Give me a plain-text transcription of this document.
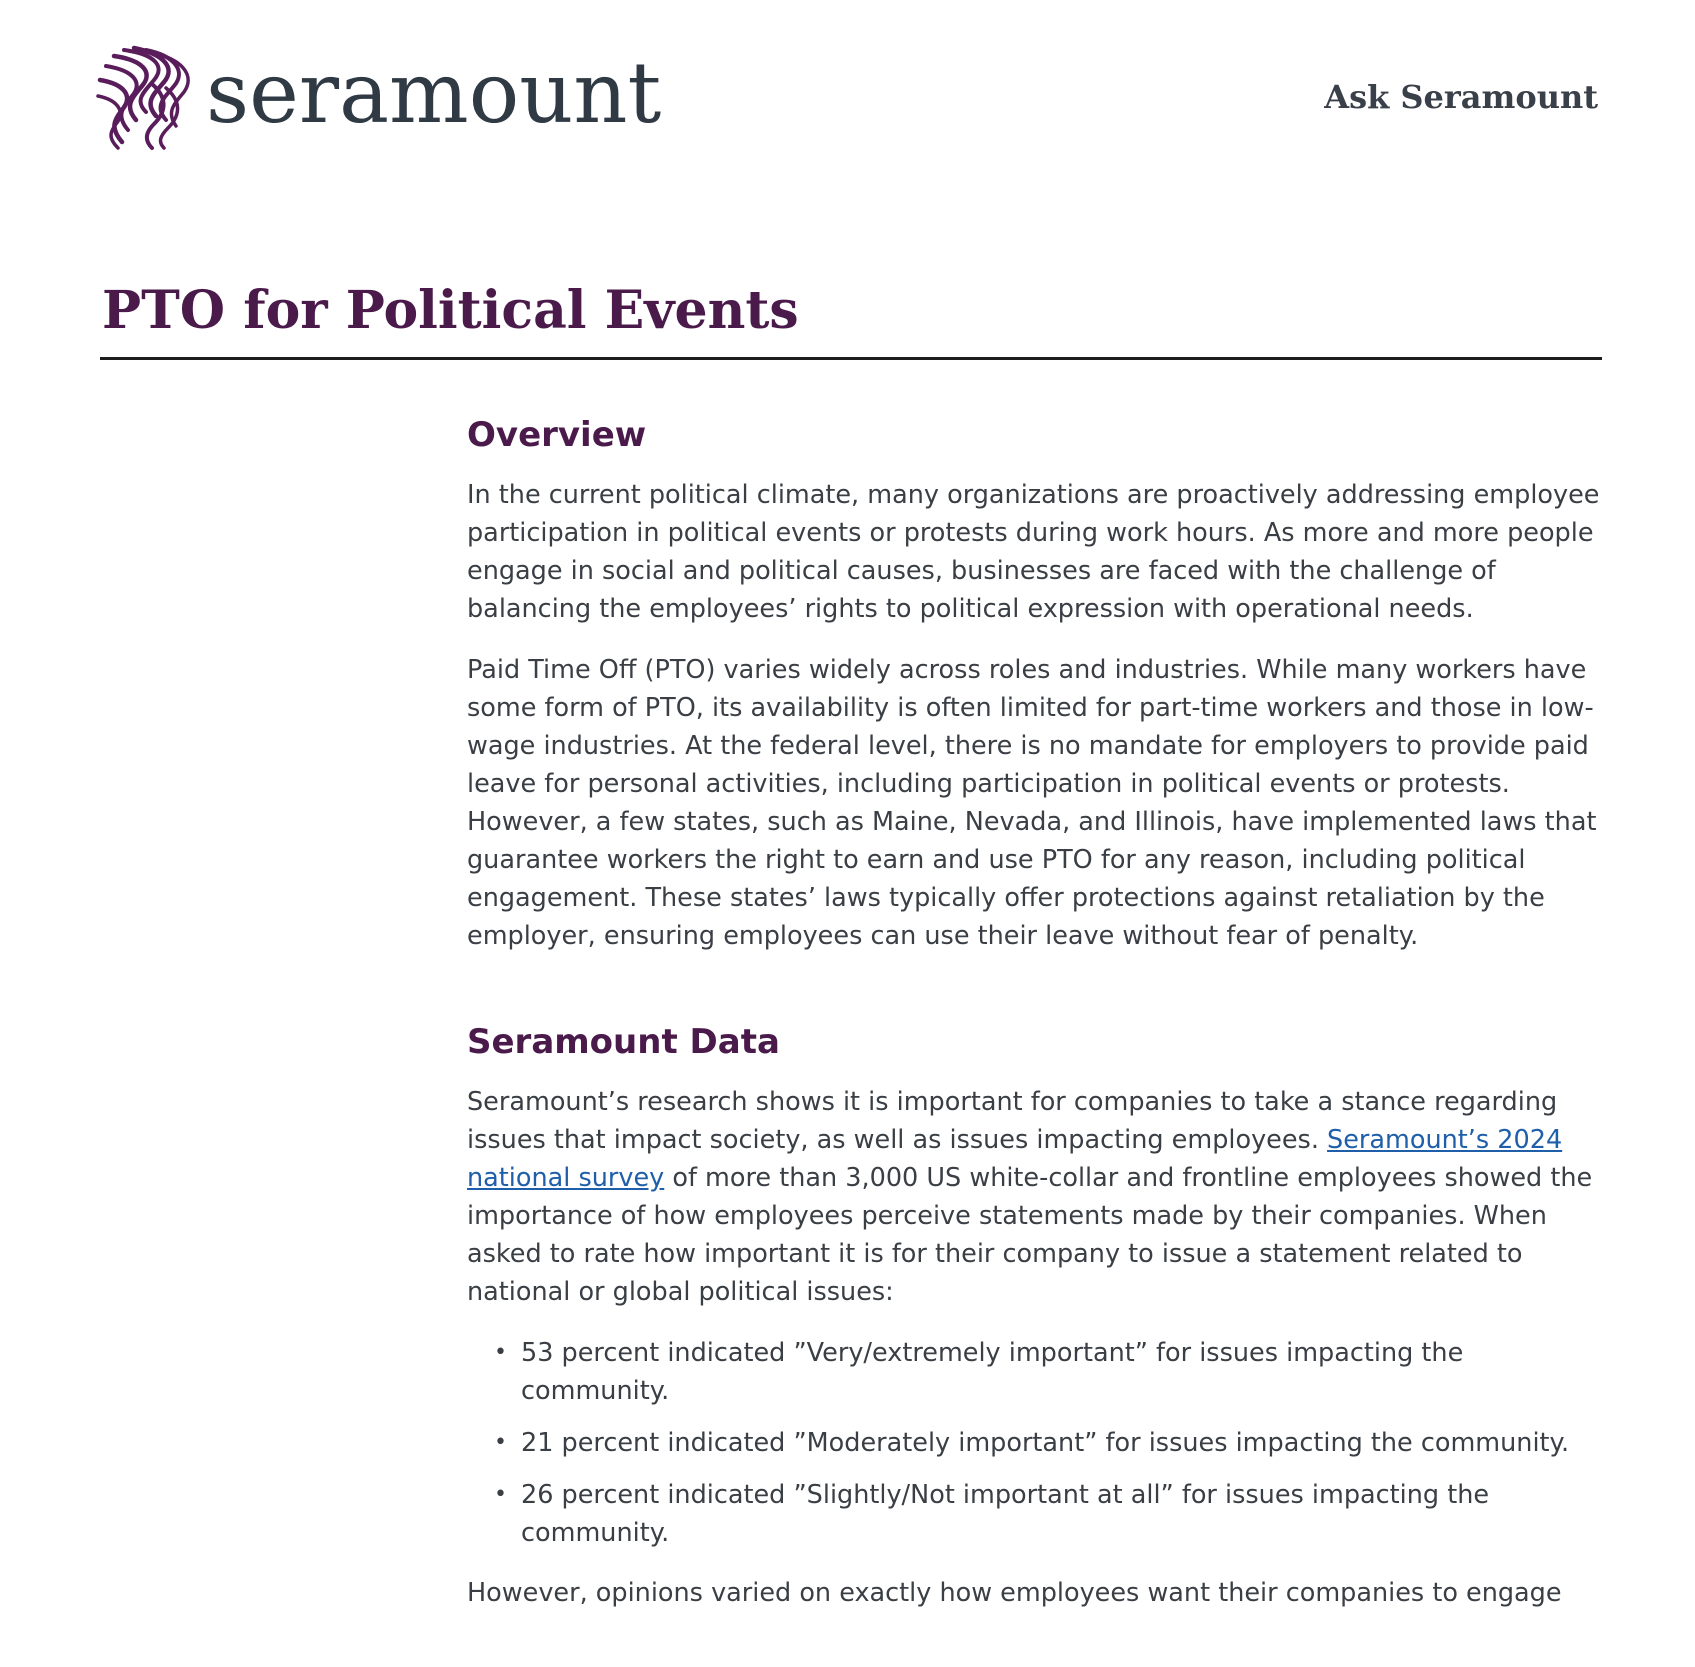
seramount	Ask Seramount
PTO for Political Events
Overview

In the current political climate, many organizations are proactively addressing employee participation in political events or protests during work hours. As more and more people engage in social and political causes, businesses are faced with the challenge of balancing the employees’ rights to political expression with operational needs.

Paid Time Off (PTO) varies widely across roles and industries. While many workers have some form of PTO, its availability is often limited for part-time workers and those in low-wage industries. At the federal level, there is no mandate for employers to provide paid leave for personal activities, including participation in political events or protests. However, a few states, such as Maine, Nevada, and Illinois, have implemented laws that guarantee workers the right to earn and use PTO for any reason, including political engagement. These states’ laws typically offer protections against retaliation by the employer, ensuring employees can use their leave without fear of penalty.

Seramount Data

Seramount’s research shows it is important for companies to take a stance regarding issues that impact society, as well as issues impacting employees. Seramount’s 2024 national survey of more than 3,000 US white-collar and frontline employees showed the importance of how employees perceive statements made by their companies. When asked to rate how important it is for their company to issue a statement related to national or global political issues:

• 53 percent indicated ”Very/extremely important” for issues impacting the community.
• 21 percent indicated ”Moderately important” for issues impacting the community.
• 26 percent indicated ”Slightly/Not important at all” for issues impacting the community.

However, opinions varied on exactly how employees want their companies to engage
